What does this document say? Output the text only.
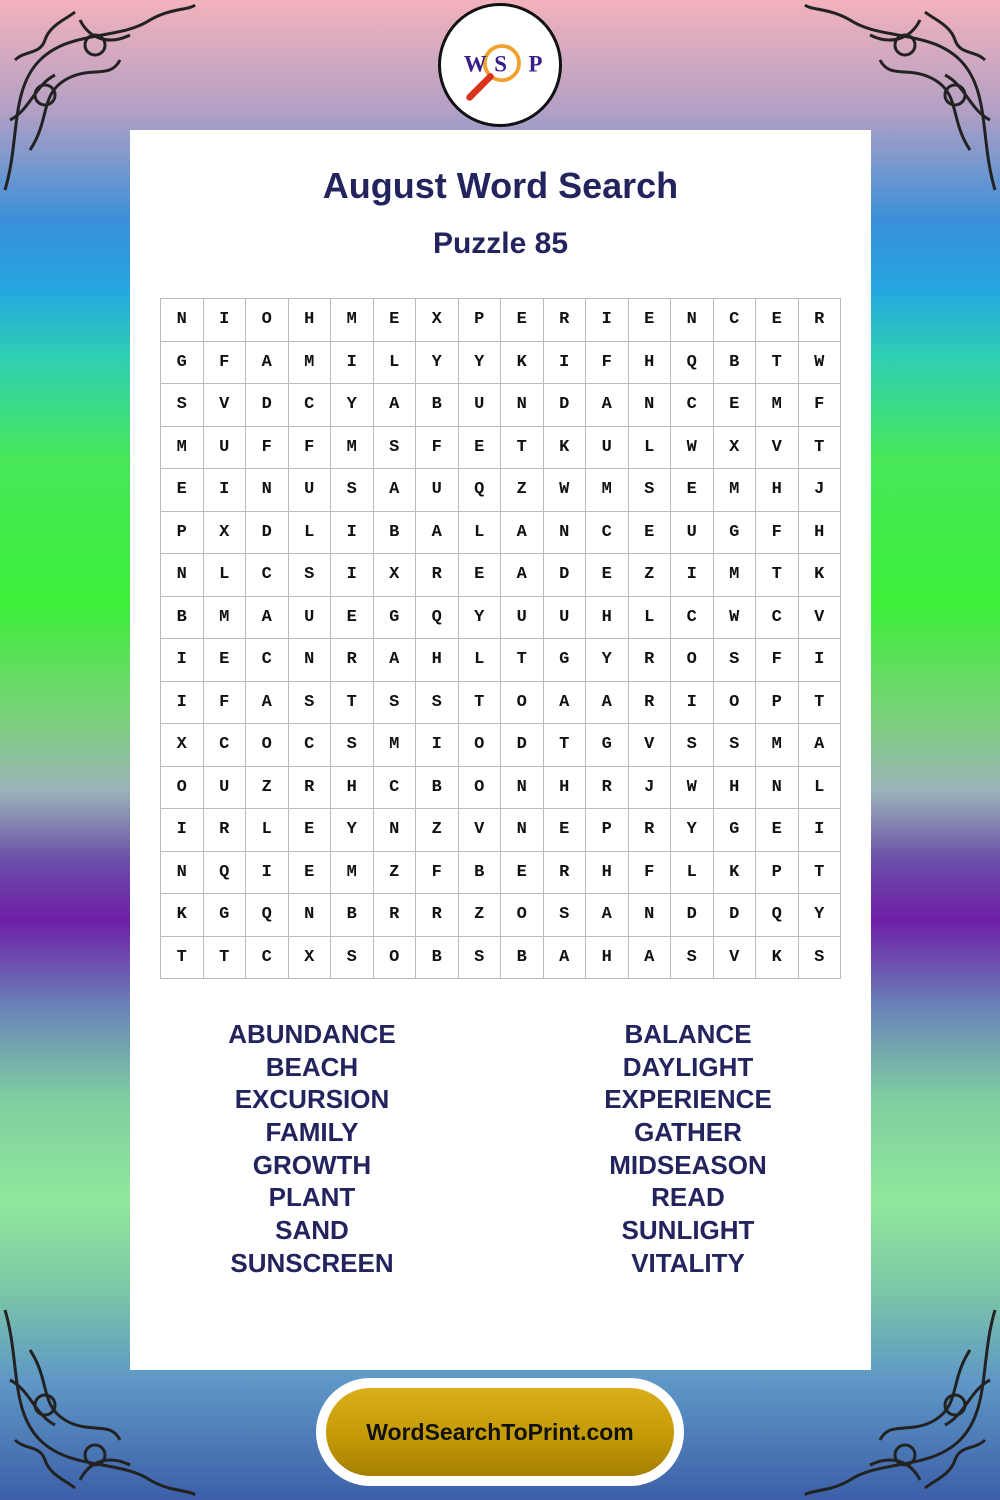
W S P
August Word Search
Puzzle 85
N	I	O	H	M	E	X	P	E	R	I	E	N	C	E	R
G	F	A	M	I	L	Y	Y	K	I	F	H	Q	B	T	W
S	V	D	C	Y	A	B	U	N	D	A	N	C	E	M	F
M	U	F	F	M	S	F	E	T	K	U	L	W	X	V	T
E	I	N	U	S	A	U	Q	Z	W	M	S	E	M	H	J
P	X	D	L	I	B	A	L	A	N	C	E	U	G	F	H
N	L	C	S	I	X	R	E	A	D	E	Z	I	M	T	K
B	M	A	U	E	G	Q	Y	U	U	H	L	C	W	C	V
I	E	C	N	R	A	H	L	T	G	Y	R	O	S	F	I
I	F	A	S	T	S	S	T	O	A	A	R	I	O	P	T
X	C	O	C	S	M	I	O	D	T	G	V	S	S	M	A
O	U	Z	R	H	C	B	O	N	H	R	J	W	H	N	L
I	R	L	E	Y	N	Z	V	N	E	P	R	Y	G	E	I
N	Q	I	E	M	Z	F	B	E	R	H	F	L	K	P	T
K	G	Q	N	B	R	R	Z	O	S	A	N	D	D	Q	Y
T	T	C	X	S	O	B	S	B	A	H	A	S	V	K	S
ABUNDANCE
BEACH
EXCURSION
FAMILY
GROWTH
PLANT
SAND
SUNSCREEN
BALANCE
DAYLIGHT
EXPERIENCE
GATHER
MIDSEASON
READ
SUNLIGHT
VITALITY
WordSearchToPrint.com
